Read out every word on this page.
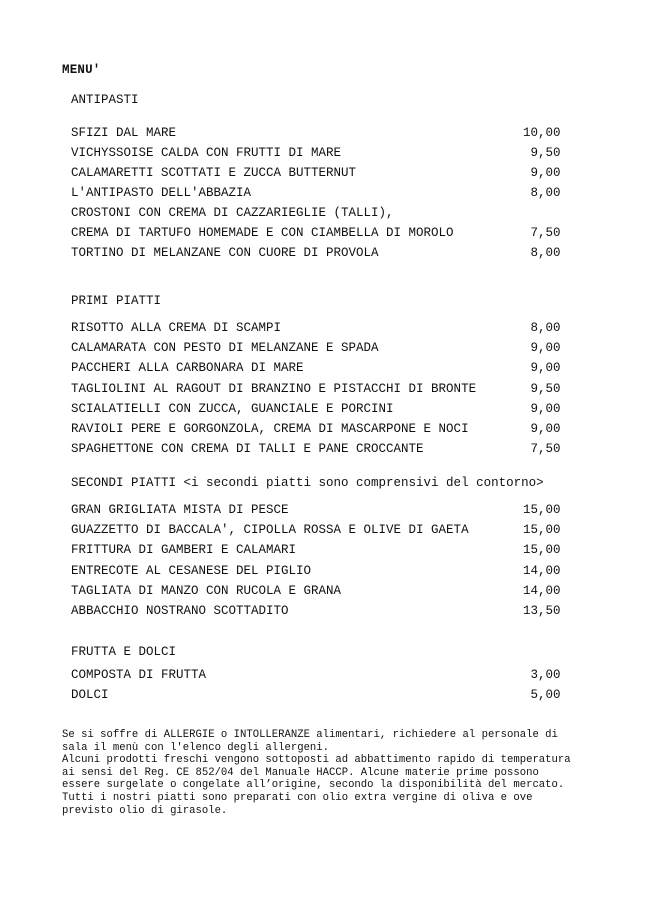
MENU'
ANTIPASTI
SFIZI DAL MARE	10,00
VICHYSSOISE CALDA CON FRUTTI DI MARE	9,50
CALAMARETTI SCOTTATI E ZUCCA BUTTERNUT	9,00
L'ANTIPASTO DELL'ABBAZIA	8,00
CROSTONI CON CREMA DI CAZZARIEGLIE (TALLI),
CREMA DI TARTUFO HOMEMADE E CON CIAMBELLA DI MOROLO	7,50
TORTINO DI MELANZANE CON CUORE DI PROVOLA	8,00
PRIMI PIATTI
RISOTTO ALLA CREMA DI SCAMPI	8,00
CALAMARATA CON PESTO DI MELANZANE E SPADA	9,00
PACCHERI ALLA CARBONARA DI MARE	9,00
TAGLIOLINI AL RAGOUT DI BRANZINO E PISTACCHI DI BRONTE	9,50
SCIALATIELLI CON ZUCCA, GUANCIALE E PORCINI	9,00
RAVIOLI PERE E GORGONZOLA, CREMA DI MASCARPONE E NOCI	9,00
SPAGHETTONE CON CREMA DI TALLI E PANE CROCCANTE	7,50
SECONDI PIATTI <i secondi piatti sono comprensivi del contorno>
GRAN GRIGLIATA MISTA DI PESCE	15,00
GUAZZETTO DI BACCALA', CIPOLLA ROSSA E OLIVE DI GAETA	15,00
FRITTURA DI GAMBERI E CALAMARI	15,00
ENTRECOTE AL CESANESE DEL PIGLIO	14,00
TAGLIATA DI MANZO CON RUCOLA E GRANA	14,00
ABBACCHIO NOSTRANO SCOTTADITO	13,50
FRUTTA E DOLCI
COMPOSTA DI FRUTTA	3,00
DOLCI	5,00
Se si soffre di ALLERGIE o INTOLLERANZE alimentari, richiedere al personale di
sala il menù con l'elenco degli allergeni.
Alcuni prodotti freschi vengono sottoposti ad abbattimento rapido di temperatura
ai sensi del Reg. CE 852/04 del Manuale HACCP. Alcune materie prime possono
essere surgelate o congelate all’origine, secondo la disponibilità del mercato.
Tutti i nostri piatti sono preparati con olio extra vergine di oliva e ove
previsto olio di girasole.
